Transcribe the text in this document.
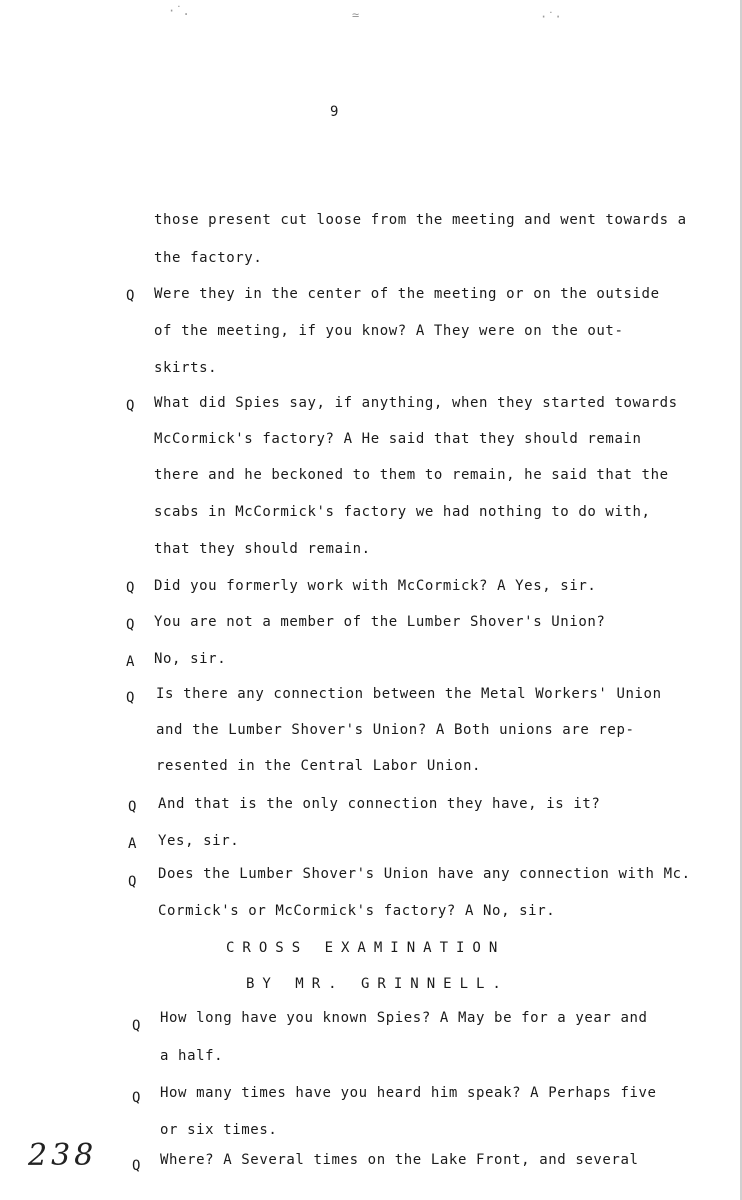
·˙.	≃	·˙·
9
those present cut loose from the meeting and went towards a
the factory.
Q Were they in the center of the meeting or on the outside
of the meeting, if you know? A They were on the out-
skirts.
Q What did Spies say, if anything, when they started towards
McCormick's factory? A He said that they should remain
there and he beckoned to them to remain, he said that the
scabs in McCormick's factory we had nothing to do with,
that they should remain.
Q Did you formerly work with McCormick? A Yes, sir.
Q You are not a member of the Lumber Shover's Union?
A No, sir.
Q Is there any connection between the Metal Workers' Union
and the Lumber Shover's Union? A Both unions are rep-
resented in the Central Labor Union.
Q And that is the only connection they have, is it?
A Yes, sir.
Q Does the Lumber Shover's Union have any connection with Mc.
Cormick's or McCormick's factory? A No, sir.
CROSS EXAMINATION
BY MR. GRINNELL.
Q How long have you known Spies? A May be for a year and
a half.
Q How many times have you heard him speak? A Perhaps five
or six times.
Q Where? A Several times on the Lake Front, and several
238
